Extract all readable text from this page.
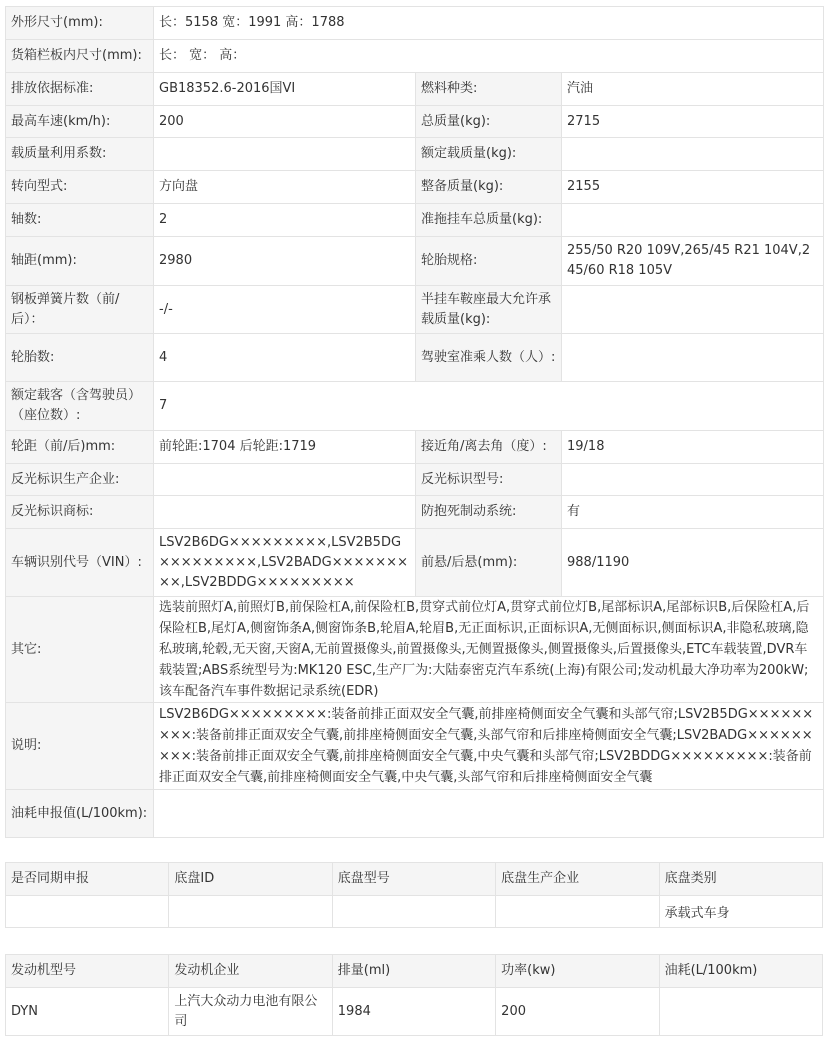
外形尺寸(mm):	长：5158 宽：1991 高：1788		
货箱栏板内尺寸(mm):	长： 宽： 高：		
排放依据标准:	GB18352.6-2016国VI	燃料种类:	汽油
最高车速(km/h):	200	总质量(kg):	2715
载质量利用系数:		额定载质量(kg):	
转向型式:	方向盘	整备质量(kg):	2155
轴数:	2	准拖挂车总质量(kg):	
轴距(mm):	2980	轮胎规格:	255/50 R20 109V,265/45 R21 104V,245/60 R18 105V
钢板弹簧片数（前/后）：	-/-	半挂车鞍座最大允许承载质量(kg):	
轮胎数:	4	驾驶室准乘人数（人）:	
额定载客（含驾驶员）（座位数）:	7		
轮距（前/后)mm:	前轮距:1704 后轮距:1719	接近角/离去角（度）:	19/18
反光标识生产企业:		反光标识型号:	
反光标识商标:		防抱死制动系统:	有
车辆识别代号（VIN）:	LSV2B6DG×××××××××,LSV2B5DG×××××××××,LSV2BADG×××××××××,LSV2BDDG×××××××××	前悬/后悬(mm):	988/1190
其它:	选装前照灯A,前照灯B,前保险杠A,前保险杠B,贯穿式前位灯A,贯穿式前位灯B,尾部标识A,尾部标识B,后保险杠A,后保险杠B,尾灯A,侧窗饰条A,侧窗饰条B,轮眉A,轮眉B,无正面标识,正面标识A,无侧面标识,侧面标识A,非隐私玻璃,隐私玻璃,轮毂,无天窗,天窗A,无前置摄像头,前置摄像头,无侧置摄像头,侧置摄像头,后置摄像头,ETC车载装置,DVR车载装置;ABS系统型号为:MK120 ESC,生产厂为:大陆泰密克汽车系统(上海)有限公司;发动机最大净功率为200kW;该车配备汽车事件数据记录系统(EDR)		
说明:	LSV2B6DG×××××××××:装备前排正面双安全气囊,前排座椅侧面安全气囊和头部气帘;LSV2B5DG×××××××××:装备前排正面双安全气囊,前排座椅侧面安全气囊,头部气帘和后排座椅侧面安全气囊;LSV2BADG×××××××××:装备前排正面双安全气囊,前排座椅侧面安全气囊,中央气囊和头部气帘;LSV2BDDG×××××××××:装备前排正面双安全气囊,前排座椅侧面安全气囊,中央气囊,头部气帘和后排座椅侧面安全气囊		
油耗申报值(L/100km):			
是否同期申报	底盘ID	底盘型号	底盘生产企业	底盘类别
				承载式车身
发动机型号	发动机企业	排量(ml)	功率(kw)	油耗(L/100km)
DYN	上汽大众动力电池有限公司	1984	200	
